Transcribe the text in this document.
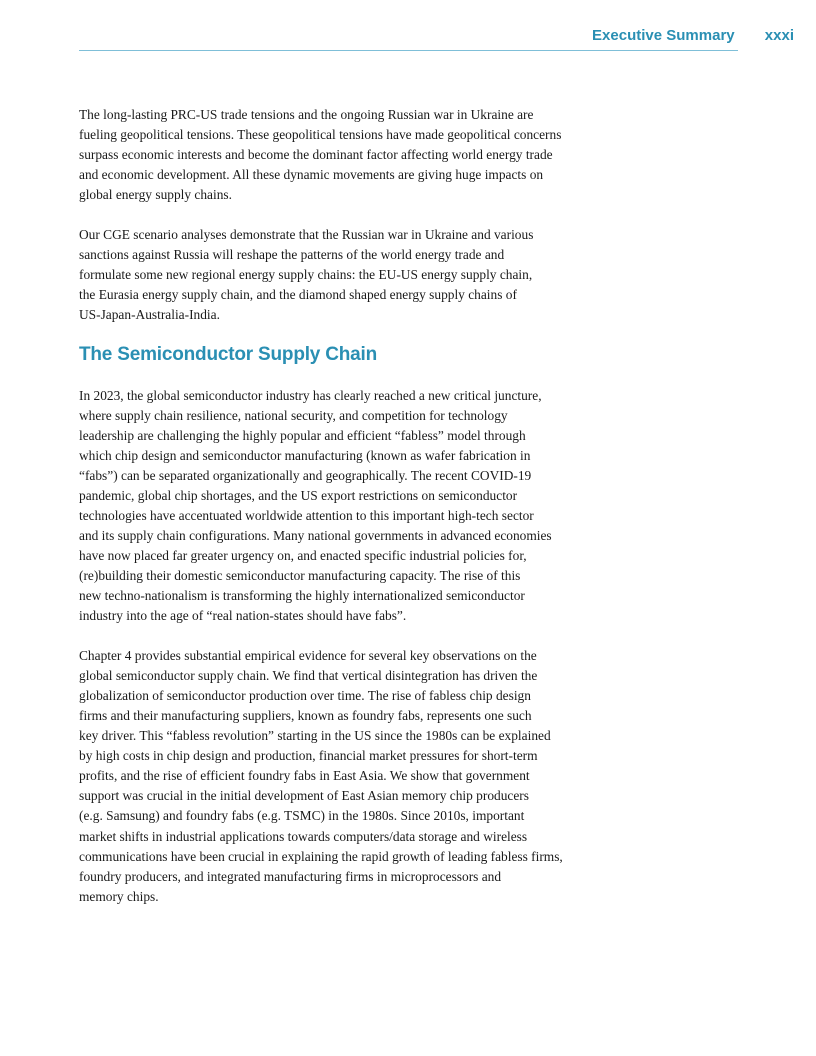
Executive Summary xxxi

The long-lasting PRC-US trade tensions and the ongoing Russian war in Ukraine are
fueling geopolitical tensions. These geopolitical tensions have made geopolitical concerns
surpass economic interests and become the dominant factor affecting world energy trade
and economic development. All these dynamic movements are giving huge impacts on
global energy supply chains.

Our CGE scenario analyses demonstrate that the Russian war in Ukraine and various
sanctions against Russia will reshape the patterns of the world energy trade and
formulate some new regional energy supply chains: the EU-US energy supply chain,
the Eurasia energy supply chain, and the diamond shaped energy supply chains of
US-Japan-Australia-India.

The Semiconductor Supply Chain

In 2023, the global semiconductor industry has clearly reached a new critical juncture,
where supply chain resilience, national security, and competition for technology
leadership are challenging the highly popular and efficient “fabless” model through
which chip design and semiconductor manufacturing (known as wafer fabrication in
“fabs”) can be separated organizationally and geographically. The recent COVID-19
pandemic, global chip shortages, and the US export restrictions on semiconductor
technologies have accentuated worldwide attention to this important high-tech sector
and its supply chain configurations. Many national governments in advanced economies
have now placed far greater urgency on, and enacted specific industrial policies for,
(re)building their domestic semiconductor manufacturing capacity. The rise of this
new techno-nationalism is transforming the highly internationalized semiconductor
industry into the age of “real nation-states should have fabs”.

Chapter 4 provides substantial empirical evidence for several key observations on the
global semiconductor supply chain. We find that vertical disintegration has driven the
globalization of semiconductor production over time. The rise of fabless chip design
firms and their manufacturing suppliers, known as foundry fabs, represents one such
key driver. This “fabless revolution” starting in the US since the 1980s can be explained
by high costs in chip design and production, financial market pressures for short-term
profits, and the rise of efficient foundry fabs in East Asia. We show that government
support was crucial in the initial development of East Asian memory chip producers
(e.g. Samsung) and foundry fabs (e.g. TSMC) in the 1980s. Since 2010s, important
market shifts in industrial applications towards computers/data storage and wireless
communications have been crucial in explaining the rapid growth of leading fabless firms,
foundry producers, and integrated manufacturing firms in microprocessors and
memory chips.
